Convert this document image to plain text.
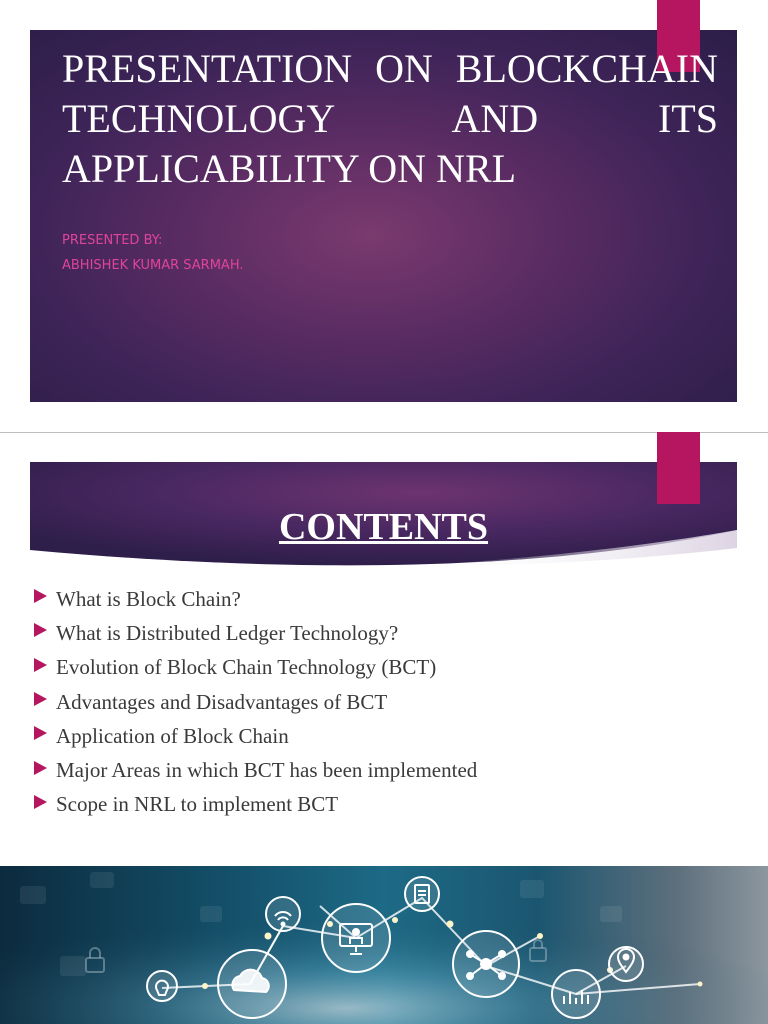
PRESENTATION ON BLOCKCHAIN TECHNOLOGY AND ITS APPLICABILITY ON NRL
PRESENTED BY:
ABHISHEK KUMAR SARMAH.
CONTENTS
What is Block Chain?
What is Distributed Ledger Technology?
Evolution of Block Chain Technology (BCT)
Advantages and Disadvantages of BCT
Application of Block Chain
Major Areas in which BCT has been implemented
Scope in NRL to implement BCT
